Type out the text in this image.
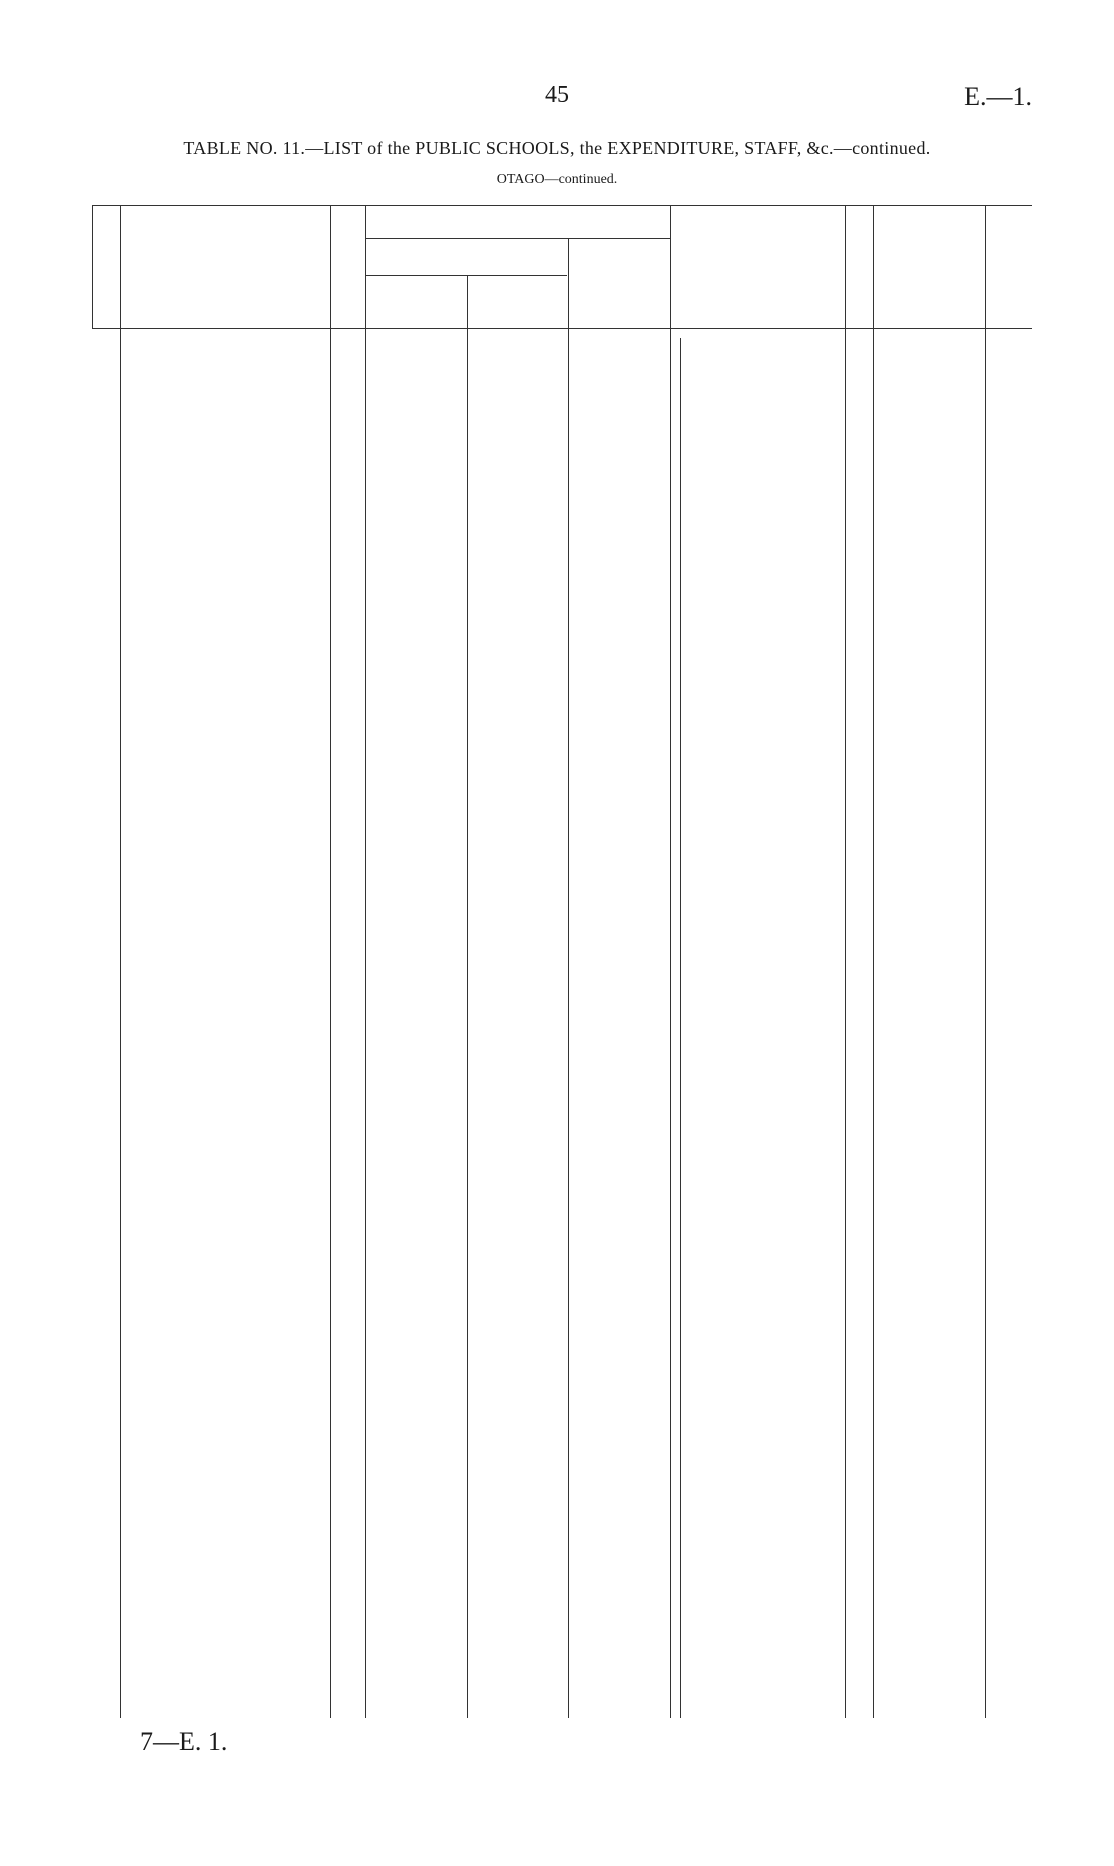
45	E.—1.
TABLE NO. 11.—LIST of the PUBLIC SCHOOLS, the EXPENDITURE, STAFF, &c.—continued.
OTAGO—continued.
7—E. 1.
